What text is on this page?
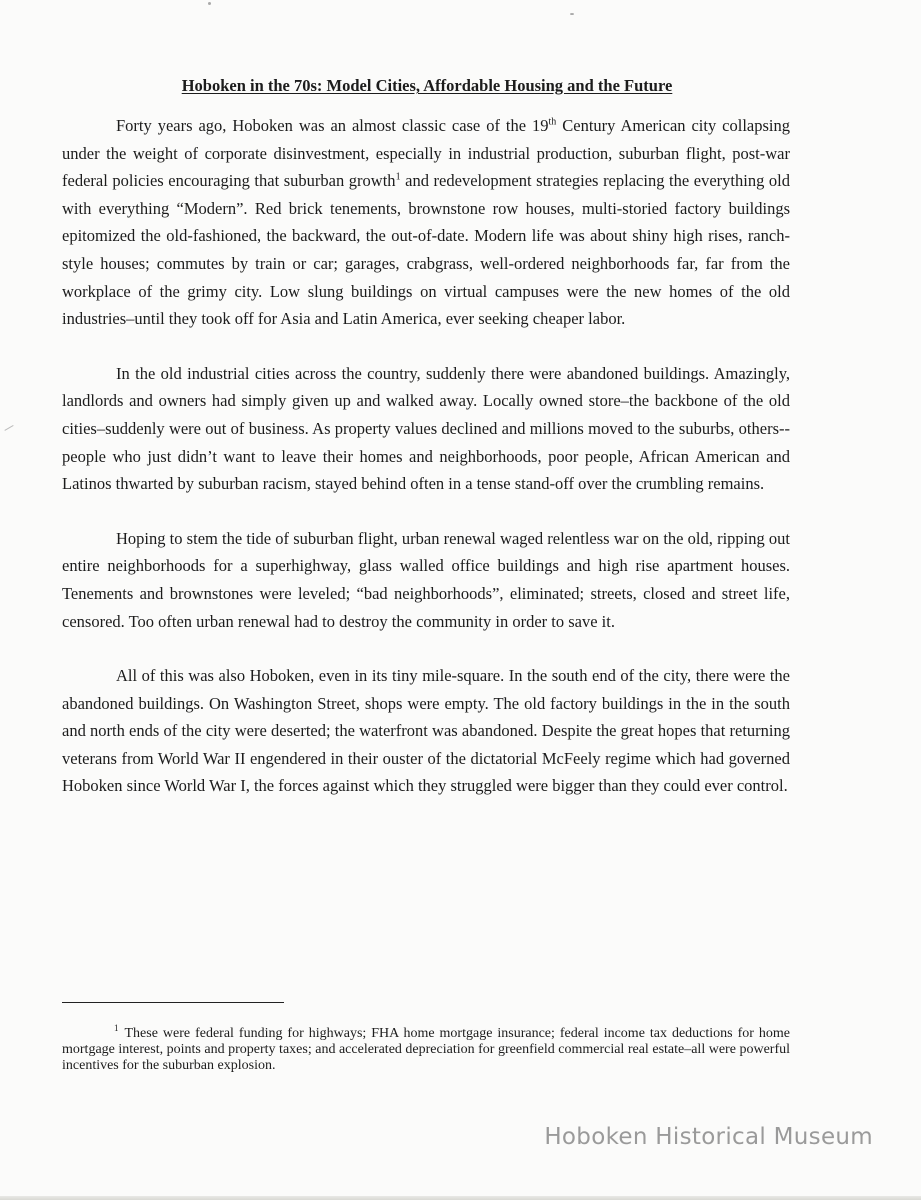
Hoboken in the 70s: Model Cities, Affordable Housing and the Future

Forty years ago, Hoboken was an almost classic case of the 19th Century American city collapsing under the weight of corporate disinvestment, especially in industrial production, suburban flight, post-war federal policies encouraging that suburban growth$^1$ and redevelopment strategies replacing the everything old with everything “Modern”. Red brick tenements, brownstone row houses, multi-storied factory buildings epitomized the old-fashioned, the backward, the out-of-date. Modern life was about shiny high rises, ranch-style houses; commutes by train or car; garages, crabgrass, well-ordered neighborhoods far, far from the workplace of the grimy city. Low slung buildings on virtual campuses were the new homes of the old industries–until they took off for Asia and Latin America, ever seeking cheaper labor.

In the old industrial cities across the country, suddenly there were abandoned buildings. Amazingly, landlords and owners had simply given up and walked away. Locally owned store–the backbone of the old cities–suddenly were out of business. As property values declined and millions moved to the suburbs, others--people who just didn’t want to leave their homes and neighborhoods, poor people, African American and Latinos thwarted by suburban racism, stayed behind often in a tense stand-off over the crumbling remains.

Hoping to stem the tide of suburban flight, urban renewal waged relentless war on the old, ripping out entire neighborhoods for a superhighway, glass walled office buildings and high rise apartment houses. Tenements and brownstones were leveled; “bad neighborhoods”, eliminated; streets, closed and street life, censored. Too often urban renewal had to destroy the community in order to save it.

All of this was also Hoboken, even in its tiny mile-square. In the south end of the city, there were the abandoned buildings. On Washington Street, shops were empty. The old factory buildings in the in the south and north ends of the city were deserted; the waterfront was abandoned. Despite the great hopes that returning veterans from World War II engendered in their ouster of the dictatorial McFeely regime which had governed Hoboken since World War I, the forces against which they struggled were bigger than they could ever control.

$^1$ These were federal funding for highways; FHA home mortgage insurance; federal income tax deductions for home mortgage interest, points and property taxes; and accelerated depreciation for greenfield commercial real estate–all were powerful incentives for the suburban explosion.

Hoboken Historical Museum
